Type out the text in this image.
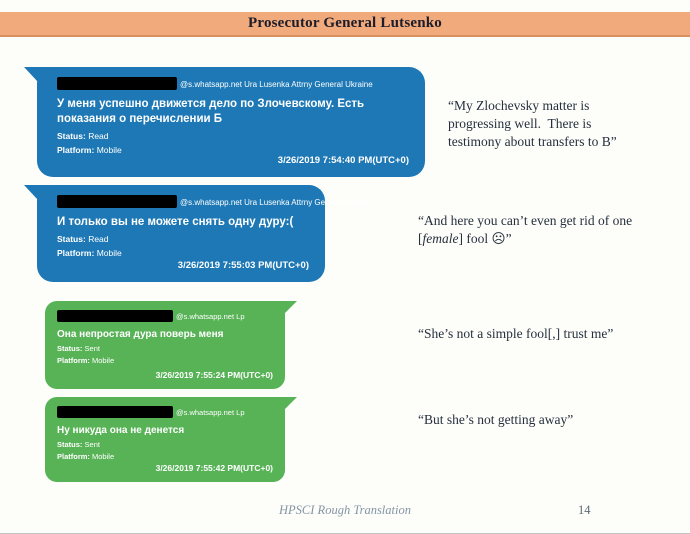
Prosecutor General Lutsenko
@s.whatsapp.net Ura Lusenka Attrny General Ukraine
У меня успешно движется дело по Злочевскому. Есть показания о перечислении Б
Status: Read
Platform: Mobile
3/26/2019 7:54:40 PM(UTC+0)
@s.whatsapp.net Ura Lusenka Attrny General Ukraine
И только вы не можете снять одну дуру:(
Status: Read
Platform: Mobile
3/26/2019 7:55:03 PM(UTC+0)
@s.whatsapp.net Lp
Она непростая дура поверь меня
Status: Sent
Platform: Mobile
3/26/2019 7:55:24 PM(UTC+0)
@s.whatsapp.net Lp
Ну никуда она не денется
Status: Sent
Platform: Mobile
3/26/2019 7:55:42 PM(UTC+0)
“My Zlochevsky matter is progressing well.  There is testimony about transfers to B”
“And here you can’t even get rid of one [female] fool ☹”
“She’s not a simple fool[,] trust me”
“But she’s not getting away”
HPSCI Rough Translation	14
